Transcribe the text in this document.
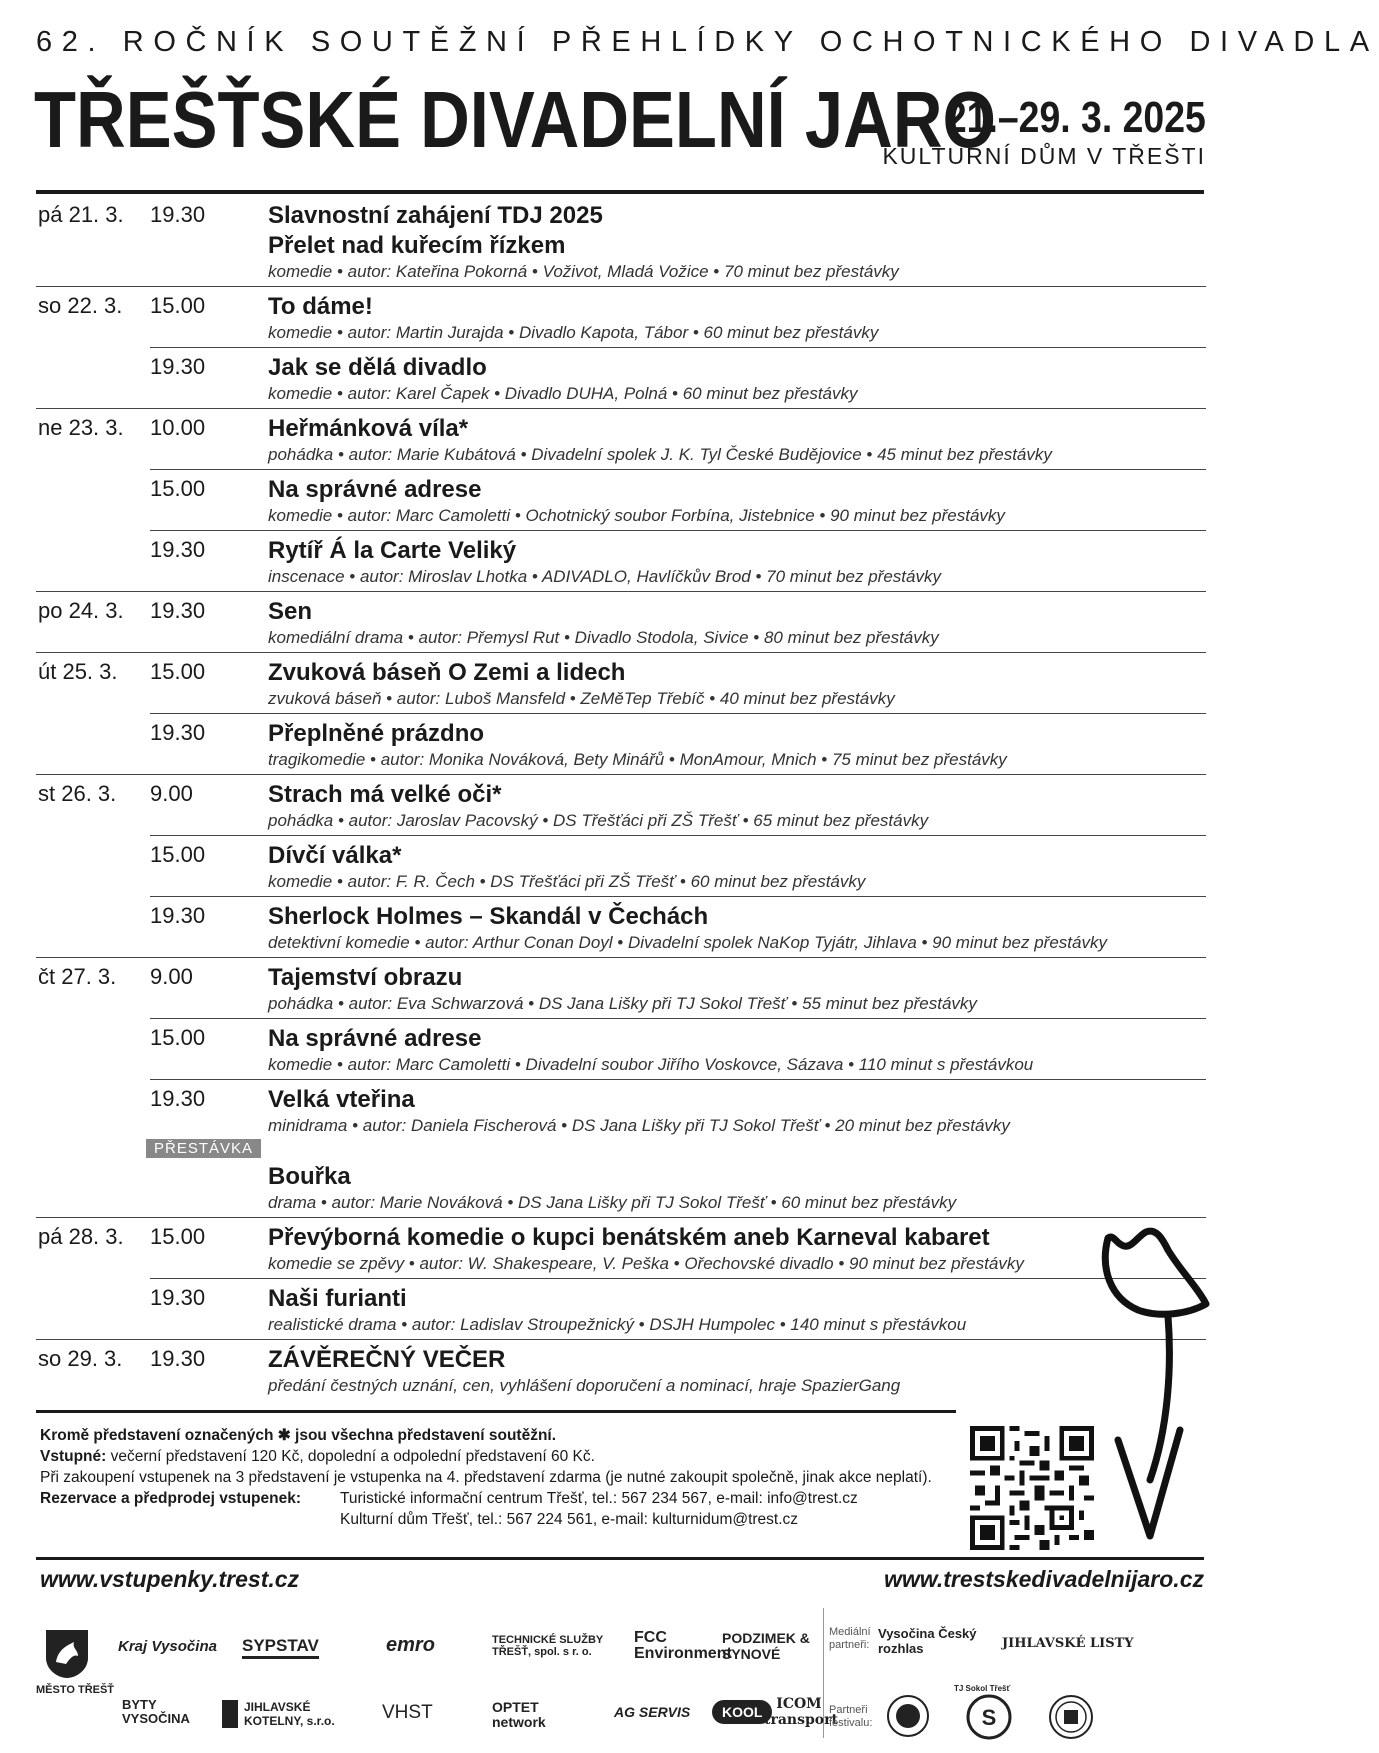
62. ROČNÍK SOUTĚŽNÍ PŘEHLÍDKY OCHOTNICKÉHO DIVADLA
TŘEŠŤSKÉ DIVADELNÍ JARO
21.–29. 3. 2025
KULTURNÍ DŮM V TŘEŠTI
pá 21. 3. 19.30	Slavnostní zahájení TDJ 2025
Přelet nad kuřecím řízkem
komedie • autor: Kateřina Pokorná • Voživot, Mladá Vožice • 70 minut bez přestávky
so 22. 3. 15.00	To dáme!
komedie • autor: Martin Jurajda • Divadlo Kapota, Tábor • 60 minut bez přestávky
19.30	Jak se dělá divadlo
komedie • autor: Karel Čapek • Divadlo DUHA, Polná • 60 minut bez přestávky
ne 23. 3. 10.00	Heřmánková víla*
pohádka • autor: Marie Kubátová • Divadelní spolek J. K. Tyl České Budějovice • 45 minut bez přestávky
15.00	Na správné adrese
komedie • autor: Marc Camoletti • Ochotnický soubor Forbína, Jistebnice • 90 minut bez přestávky
19.30	Rytíř Á la Carte Veliký
inscenace • autor: Miroslav Lhotka • ADIVADLO, Havlíčkův Brod • 70 minut bez přestávky
po 24. 3. 19.30	Sen
komediální drama • autor: Přemysl Rut • Divadlo Stodola, Sivice • 80 minut bez přestávky
út 25. 3. 15.00	Zvuková báseň O Zemi a lidech
zvuková báseň • autor: Luboš Mansfeld • ZeMěTep Třebíč • 40 minut bez přestávky
19.30	Přeplněné prázdno
tragikomedie • autor: Monika Nováková, Bety Minářů • MonAmour, Mnich • 75 minut bez přestávky
st 26. 3. 9.00	Strach má velké oči*
pohádka • autor: Jaroslav Pacovský • DS Třešťáci při ZŠ Třešť • 65 minut bez přestávky
15.00	Dívčí válka*
komedie • autor: F. R. Čech • DS Třešťáci při ZŠ Třešť • 60 minut bez přestávky
19.30	Sherlock Holmes – Skandál v Čechách
detektivní komedie • autor: Arthur Conan Doyl • Divadelní spolek NaKop Tyjátr, Jihlava • 90 minut bez přestávky
čt 27. 3. 9.00	Tajemství obrazu
pohádka • autor: Eva Schwarzová • DS Jana Lišky při TJ Sokol Třešť • 55 minut bez přestávky
15.00	Na správné adrese
komedie • autor: Marc Camoletti • Divadelní soubor Jiřího Voskovce, Sázava • 110 minut s přestávkou
19.30	Velká vteřina
minidrama • autor: Daniela Fischerová • DS Jana Lišky při TJ Sokol Třešť • 20 minut bez přestávky
PŘESTÁVKA
Bouřka
drama • autor: Marie Nováková • DS Jana Lišky při TJ Sokol Třešť • 60 minut bez přestávky
pá 28. 3. 15.00	Převýborná komedie o kupci benátském aneb Karneval kabaret
komedie se zpěvy • autor: W. Shakespeare, V. Peška • Ořechovské divadlo • 90 minut bez přestávky
19.30	Naši furianti
realistické drama • autor: Ladislav Stroupežnický • DSJH Humpolec • 140 minut s přestávkou
so 29. 3. 19.30	ZÁVĚREČNÝ VEČER
předání čestných uznání, cen, vyhlášení doporučení a nominací, hraje SpazierGang
Kromě představení označených ✱ jsou všechna představení soutěžní.
Vstupné: večerní představení 120 Kč, dopolední a odpolední představení 60 Kč.
Při zakoupení vstupenek na 3 představení je vstupenka na 4. představení zdarma (je nutné zakoupit společně, jinak akce neplatí).
Rezervace a předprodej vstupenek:	Turistické informační centrum Třešť, tel.: 567 234 567, e-mail: info@trest.cz
Kulturní dům Třešť, tel.: 567 224 561, e-mail: kulturnidum@trest.cz
www.vstupenky.trest.cz	www.trestskedivadelnijaro.cz
MĚSTO TŘEŠŤ
Kraj Vysočina SYPSTAV	emro	TECHNICKÉ SLUŽBY TŘEŠŤ, spol. s r. o.
FCC Environment
PODZIMEK & SYNOVÉ
Mediální
partneři:
Vysočina Český rozhlas	JIHLAVSKÉ LISTY
BYTY VYSOČINA
JIHLAVSKÉ KOTELNY, s.r.o.	VHST	OPTET network
AG SERVIS	KOOL ICOM transport
Partneři
festivalu:	S
TJ Sokol Třešť
